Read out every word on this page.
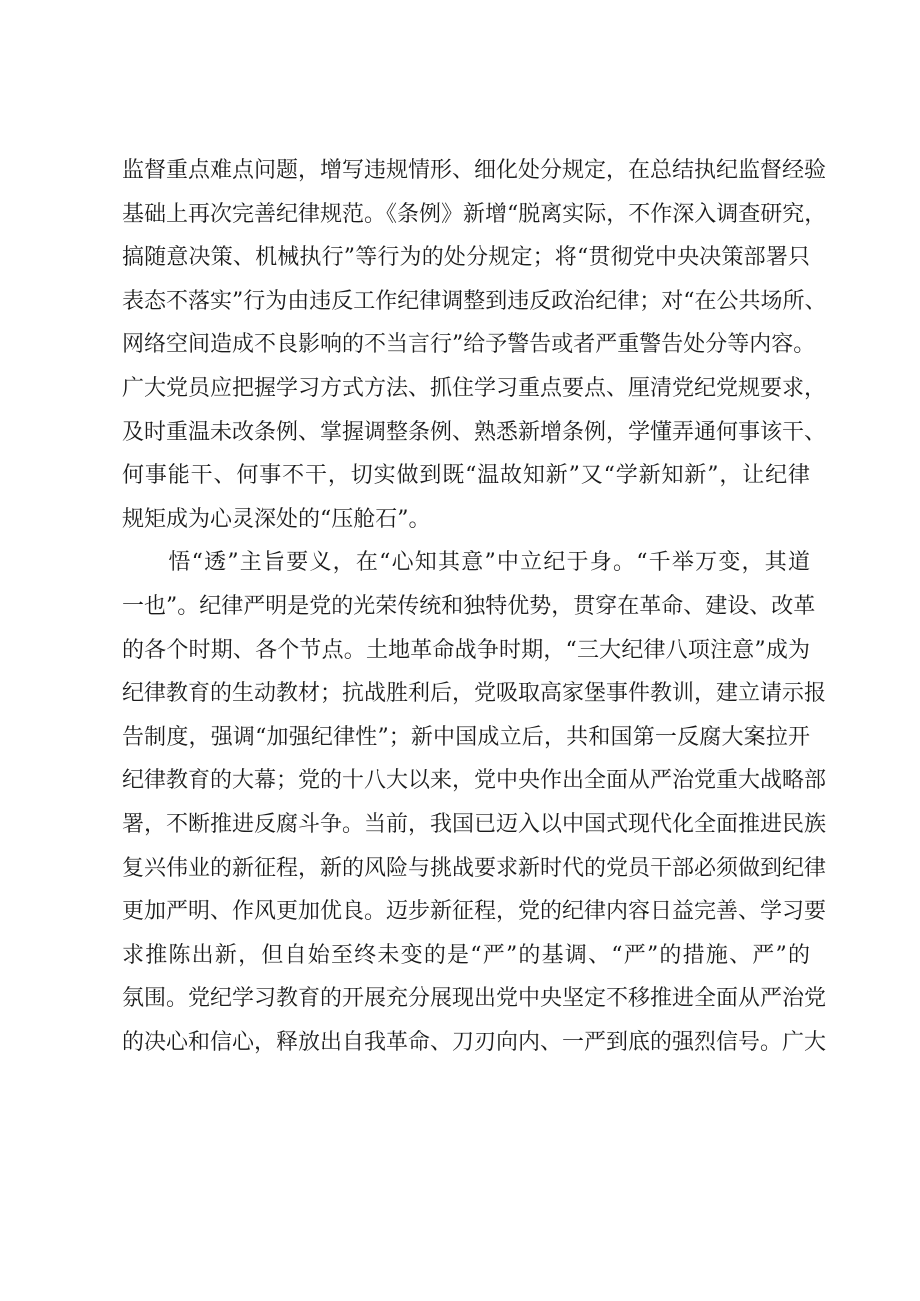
监督重点难点问题，增写违规情形、细化处分规定，在总结执纪监督经验
基础上再次完善纪律规范。《条例》新增“脱离实际，不作深入调查研究，
搞随意决策、机械执行”等行为的处分规定；将“贯彻党中央决策部署只
表态不落实”行为由违反工作纪律调整到违反政治纪律；对“在公共场所、
网络空间造成不良影响的不当言行”给予警告或者严重警告处分等内容。
广大党员应把握学习方式方法、抓住学习重点要点、厘清党纪党规要求，
及时重温未改条例、掌握调整条例、熟悉新增条例，学懂弄通何事该干、
何事能干、何事不干，切实做到既“温故知新”又“学新知新”，让纪律
规矩成为心灵深处的“压舱石”。
　　悟“透”主旨要义，在“心知其意”中立纪于身。“千举万变，其道
一也”。纪律严明是党的光荣传统和独特优势，贯穿在革命、建设、改革
的各个时期、各个节点。土地革命战争时期，“三大纪律八项注意”成为
纪律教育的生动教材；抗战胜利后，党吸取高家堡事件教训，建立请示报
告制度，强调“加强纪律性”；新中国成立后，共和国第一反腐大案拉开
纪律教育的大幕；党的十八大以来，党中央作出全面从严治党重大战略部
署，不断推进反腐斗争。当前，我国已迈入以中国式现代化全面推进民族
复兴伟业的新征程，新的风险与挑战要求新时代的党员干部必须做到纪律
更加严明、作风更加优良。迈步新征程，党的纪律内容日益完善、学习要
求推陈出新，但自始至终未变的是“严”的基调、“严”的措施、严”的
氛围。党纪学习教育的开展充分展现出党中央坚定不移推进全面从严治党
的决心和信心，释放出自我革命、刀刃向内、一严到底的强烈信号。广大
